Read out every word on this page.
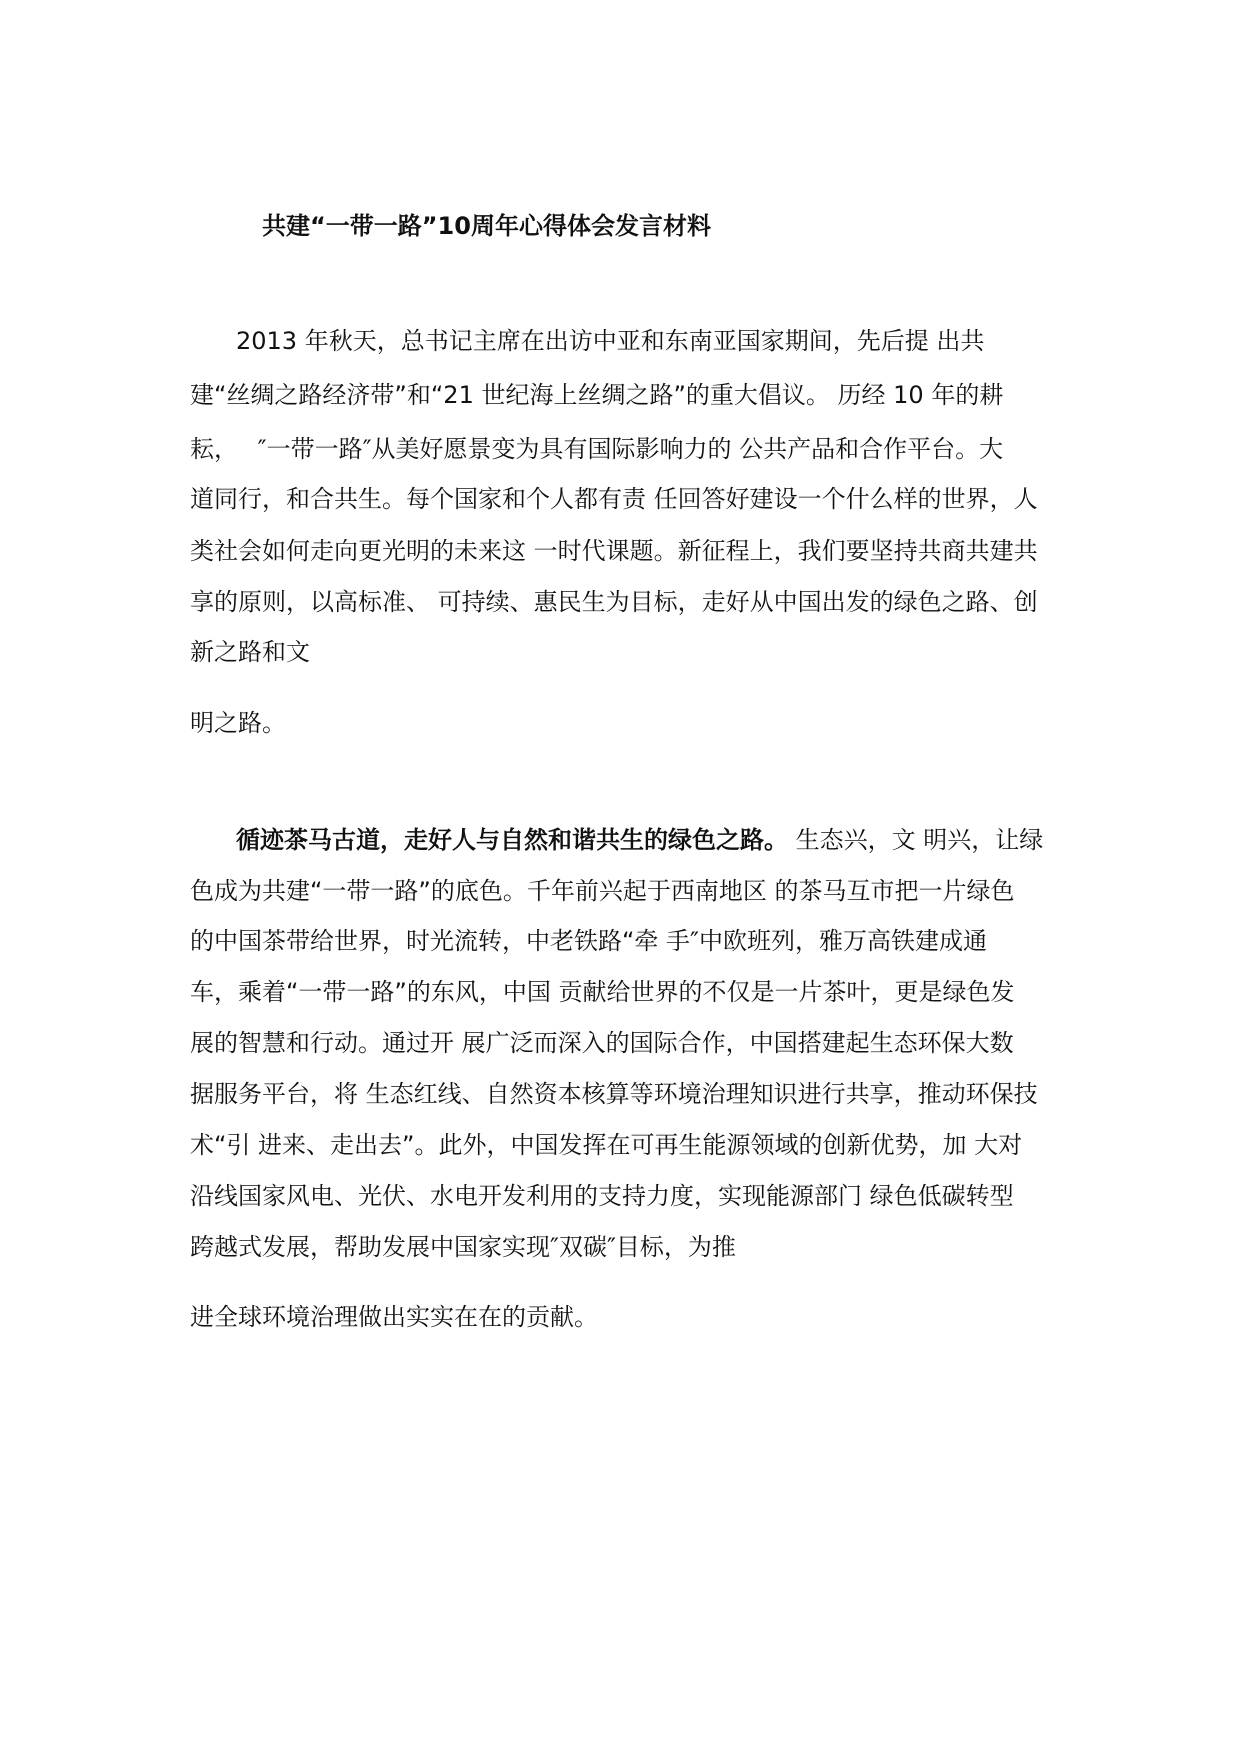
共建“一带一路”10周年心得体会发言材料

2013 年秋天，总书记主席在出访中亚和东南亚国家期间，先后提 出共

建“丝绸之路经济带”和“21 世纪海上丝绸之路”的重大倡议。 历经 10 年的耕

耘，　 ″一带一路″从美好愿景变为具有国际影响力的 公共产品和合作平台。大

道同行，和合共生。每个国家和个人都有责 任回答好建设一个什么样的世界，人

类社会如何走向更光明的未来这 一时代课题。新征程上，我们要坚持共商共建共

享的原则，以高标准、 可持续、惠民生为目标，走好从中国出发的绿色之路、创

新之路和文

明之路。

循迹茶马古道，走好人与自然和谐共生的绿色之路。 生态兴，文 明兴，让绿

色成为共建“一带一路”的底色。千年前兴起于西南地区 的茶马互市把一片绿色

的中国茶带给世界，时光流转，中老铁路“牵 手″中欧班列，雅万高铁建成通

车，乘着“一带一路”的东风，中国 贡献给世界的不仅是一片茶叶，更是绿色发

展的智慧和行动。通过开 展广泛而深入的国际合作，中国搭建起生态环保大数

据服务平台，将 生态红线、自然资本核算等环境治理知识进行共享，推动环保技

术“引 进来、走出去”。此外，中国发挥在可再生能源领域的创新优势，加 大对

沿线国家风电、光伏、水电开发利用的支持力度，实现能源部门 绿色低碳转型

跨越式发展，帮助发展中国家实现″双碳″目标，为推

进全球环境治理做出实实在在的贡献。
